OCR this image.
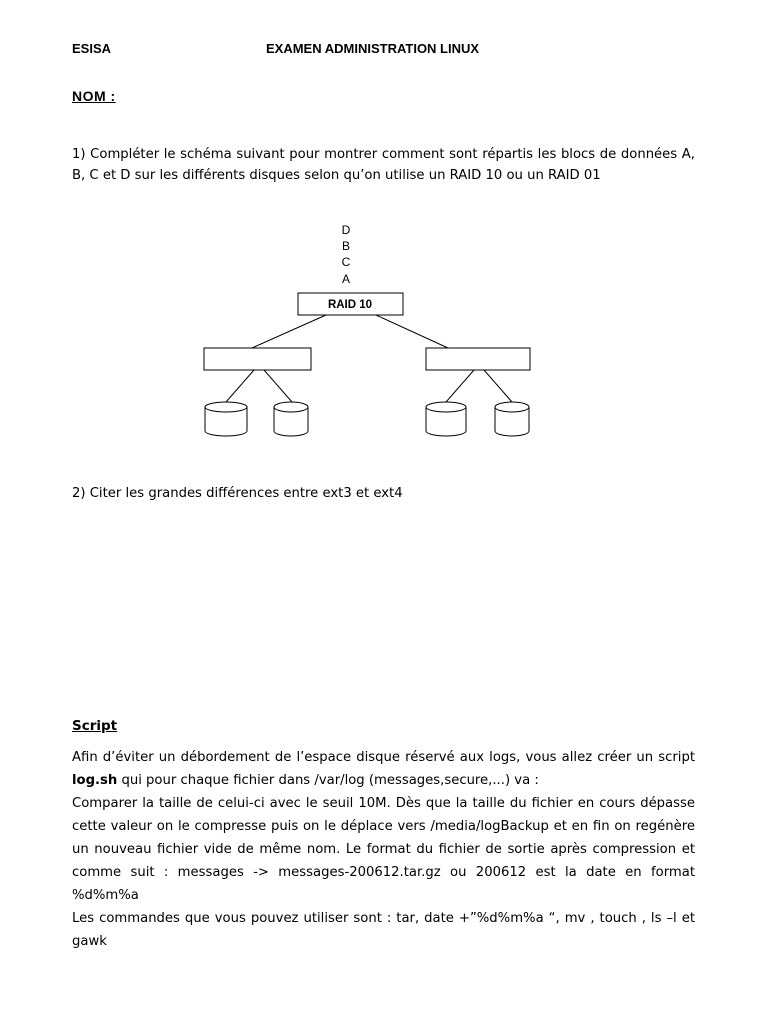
ESISA	EXAMEN ADMINISTRATION LINUX
NOM :

1) Compléter le schéma suivant pour montrer comment sont répartis les blocs de données A, B, C et D sur les différents disques selon qu’on utilise un RAID 10 ou un RAID 01

D
B
C
A
RAID 10

2) Citer les grandes différences entre ext3 et ext4

Script

Afin d’éviter un débordement de l’espace disque réservé aux logs, vous allez créer un script log.sh qui pour chaque fichier dans /var/log (messages,secure,...) va :

Comparer la taille de celui-ci avec le seuil 10M. Dès que la taille du fichier en cours dépasse cette valeur on le compresse puis on le déplace vers /media/logBackup et en fin on regénère un nouveau fichier vide de même nom. Le format du fichier de sortie après compression et comme suit : messages -> messages-200612.tar.gz ou 200612 est la date en format %d%m%a

Les commandes que vous pouvez utiliser sont : tar, date +”%d%m%a “, mv , touch , ls –l et gawk
